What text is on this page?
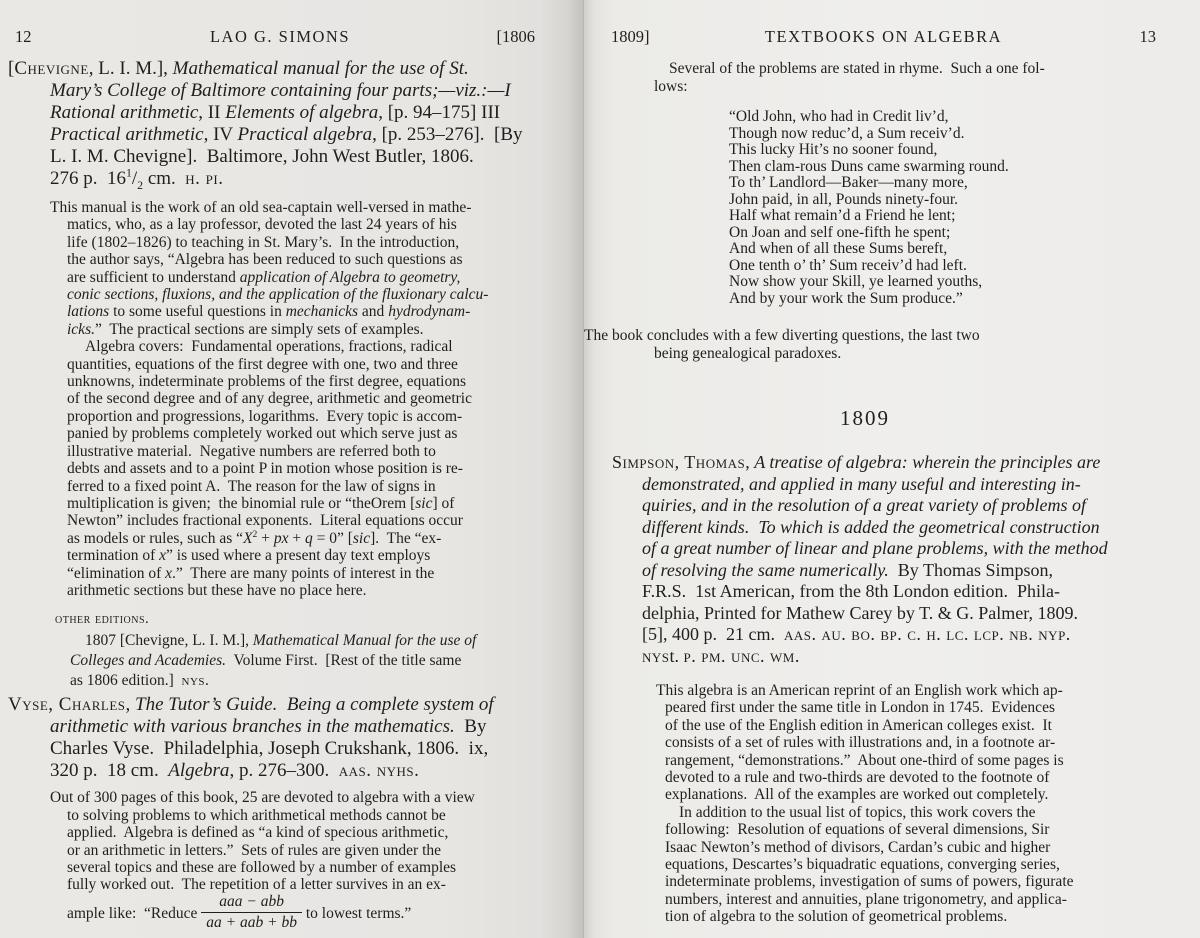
12	LAO G. SIMONS	[1806
[Chevigne, L. I. M.], Mathematical manual for the use of St.
Mary’s College of Baltimore containing four parts;—viz.:—I
Rational arithmetic, II Elements of algebra, [p. 94–175] III
Practical arithmetic, IV Practical algebra, [p. 253–276].  [By
L. I. M. Chevigne].  Baltimore, John West Butler, 1806.
276 p.  $16^1/_2$ cm.  h. pi.
This manual is the work of an old sea-captain well-versed in mathe-
matics, who, as a lay professor, devoted the last 24 years of his
life (1802–1826) to teaching in St. Mary’s.  In the introduction,
the author says, “Algebra has been reduced to such questions as
are sufficient to understand application of Algebra to geometry,
conic sections, fluxions, and the application of the fluxionary calcu-
lations to some useful questions in mechanicks and hydrodynam-
icks.”  The practical sections are simply sets of examples.
Algebra covers:  Fundamental operations, fractions, radical
quantities, equations of the first degree with one, two and three
unknowns, indeterminate problems of the first degree, equations
of the second degree and of any degree, arithmetic and geometric
proportion and progressions, logarithms.  Every topic is accom-
panied by problems completely worked out which serve just as
illustrative material.  Negative numbers are referred both to
debts and assets and to a point P in motion whose position is re-
ferred to a fixed point A.  The reason for the law of signs in
multiplication is given;  the binomial rule or “theOrem [sic] of
Newton” includes fractional exponents.  Literal equations occur
as models or rules, such as “$X^2$ + px + q = 0” [sic].  The “ex-
termination of x” is used where a present day text employs
“elimination of x.”  There are many points of interest in the
arithmetic sections but these have no place here.
other editions.
1807 [Chevigne, L. I. M.], Mathematical Manual for the use of
Colleges and Academies.  Volume First.  [Rest of the title same
as 1806 edition.]  nys.
Vyse, Charles, The Tutor’s Guide.  Being a complete system of
arithmetic with various branches in the mathematics.  By
Charles Vyse.  Philadelphia, Joseph Crukshank, 1806.  ix,
320 p.  18 cm.  Algebra, p. 276–300.  aas. nyhs.
Out of 300 pages of this book, 25 are devoted to algebra with a view
to solving problems to which arithmetical methods cannot be
applied.  Algebra is defined as “a kind of specious arithmetic,
or an arithmetic in letters.”  Sets of rules are given under the
several topics and these are followed by a number of examples
fully worked out.  The repetition of a letter survives in an ex-
ample like:  “Reduce $\frac{\text{aaa − abb}}{\text{aa + aab + bb}}$ to lowest terms.”
1809]	TEXTBOOKS ON ALGEBRA	13
Several of the problems are stated in rhyme.  Such a one fol-
lows:
“Old John, who had in Credit liv’d,
Though now reduc’d, a Sum receiv’d.
This lucky Hit’s no sooner found,
Then clam-rous Duns came swarming round.
To th’ Landlord—Baker—many more,
John paid, in all, Pounds ninety-four.
Half what remain’d a Friend he lent;
On Joan and self one-fifth he spent;
And when of all these Sums bereft,
One tenth o’ th’ Sum receiv’d had left.
Now show your Skill, ye learned youths,
And by your work the Sum produce.”
The book concludes with a few diverting questions, the last two
being genealogical paradoxes.
1809
Simpson, Thomas, A treatise of algebra: wherein the principles are
demonstrated, and applied in many useful and interesting in-
quiries, and in the resolution of a great variety of problems of
different kinds.  To which is added the geometrical construction
of a great number of linear and plane problems, with the method
of resolving the same numerically.  By Thomas Simpson,
F.R.S.  1st American, from the 8th London edition.  Phila-
delphia, Printed for Mathew Carey by T. & G. Palmer, 1809.
[5], 400 p.  21 cm.  aas. au. bo. bp. c. h. lc. lcp. nb. nyp.
nyst. p. pm. unc. wm.
This algebra is an American reprint of an English work which ap-
peared first under the same title in London in 1745.  Evidences
of the use of the English edition in American colleges exist.  It
consists of a set of rules with illustrations and, in a footnote ar-
rangement, “demonstrations.”  About one-third of some pages is
devoted to a rule and two-thirds are devoted to the footnote of
explanations.  All of the examples are worked out completely.
In addition to the usual list of topics, this work covers the
following:  Resolution of equations of several dimensions, Sir
Isaac Newton’s method of divisors, Cardan’s cubic and higher
equations, Descartes’s biquadratic equations, converging series,
indeterminate problems, investigation of sums of powers, figurate
numbers, interest and annuities, plane trigonometry, and applica-
tion of algebra to the solution of geometrical problems.
